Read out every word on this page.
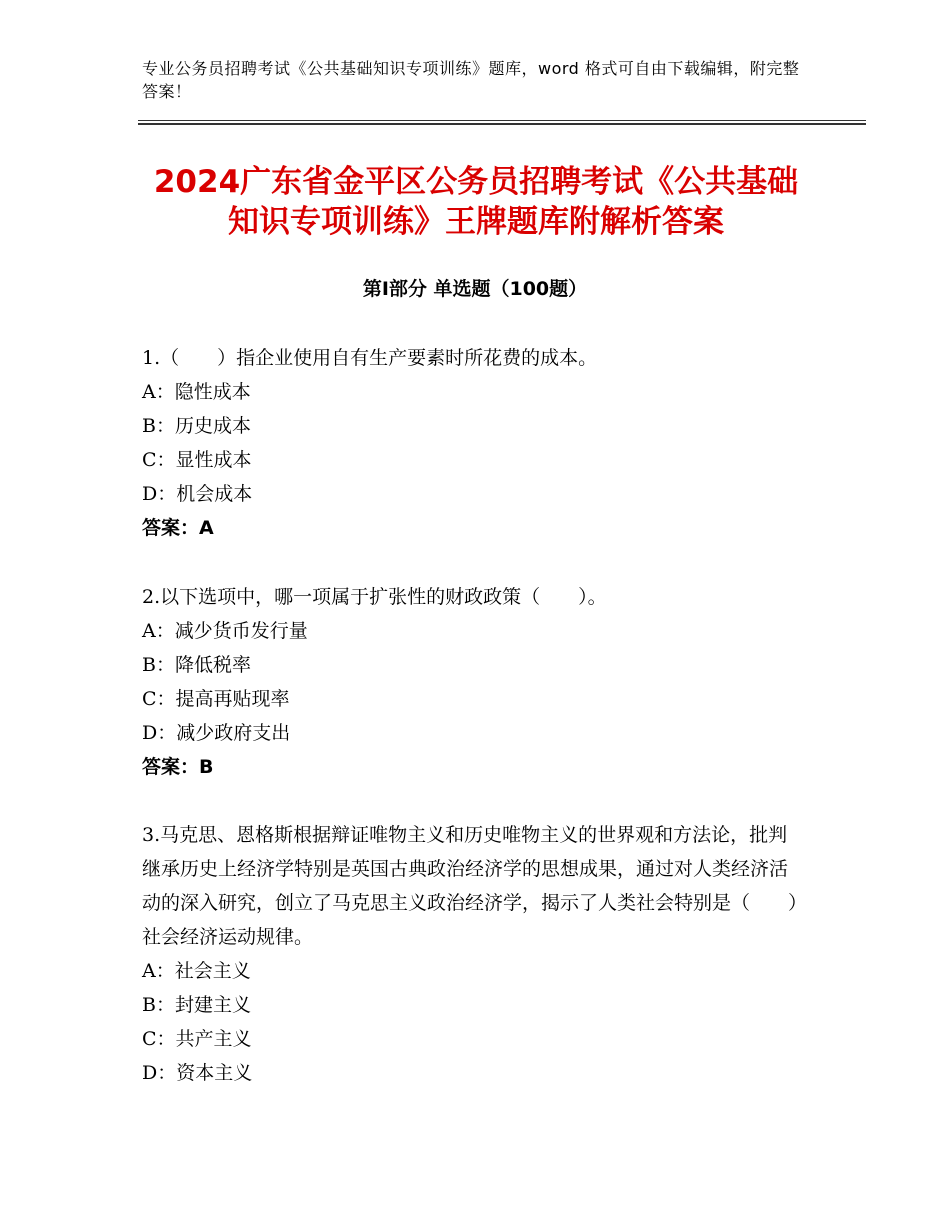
专业公务员招聘考试《公共基础知识专项训练》题库，word 格式可自由下载编辑，附完整答案！
2024广东省金平区公务员招聘考试《公共基础知识专项训练》王牌题库附解析答案
第Ⅰ部分 单选题（100题）

1.（　　）指企业使用自有生产要素时所花费的成本。

A：隐性成本

B：历史成本

C：显性成本

D：机会成本

答案：A

2.以下选项中，哪一项属于扩张性的财政政策（　　）。

A：减少货币发行量

B：降低税率

C：提高再贴现率

D：减少政府支出

答案：B

3.马克思、恩格斯根据辩证唯物主义和历史唯物主义的世界观和方法论，批判继承历史上经济学特别是英国古典政治经济学的思想成果，通过对人类经济活动的深入研究，创立了马克思主义政治经济学，揭示了人类社会特别是（　　）社会经济运动规律。

A：社会主义

B：封建主义

C：共产主义

D：资本主义
